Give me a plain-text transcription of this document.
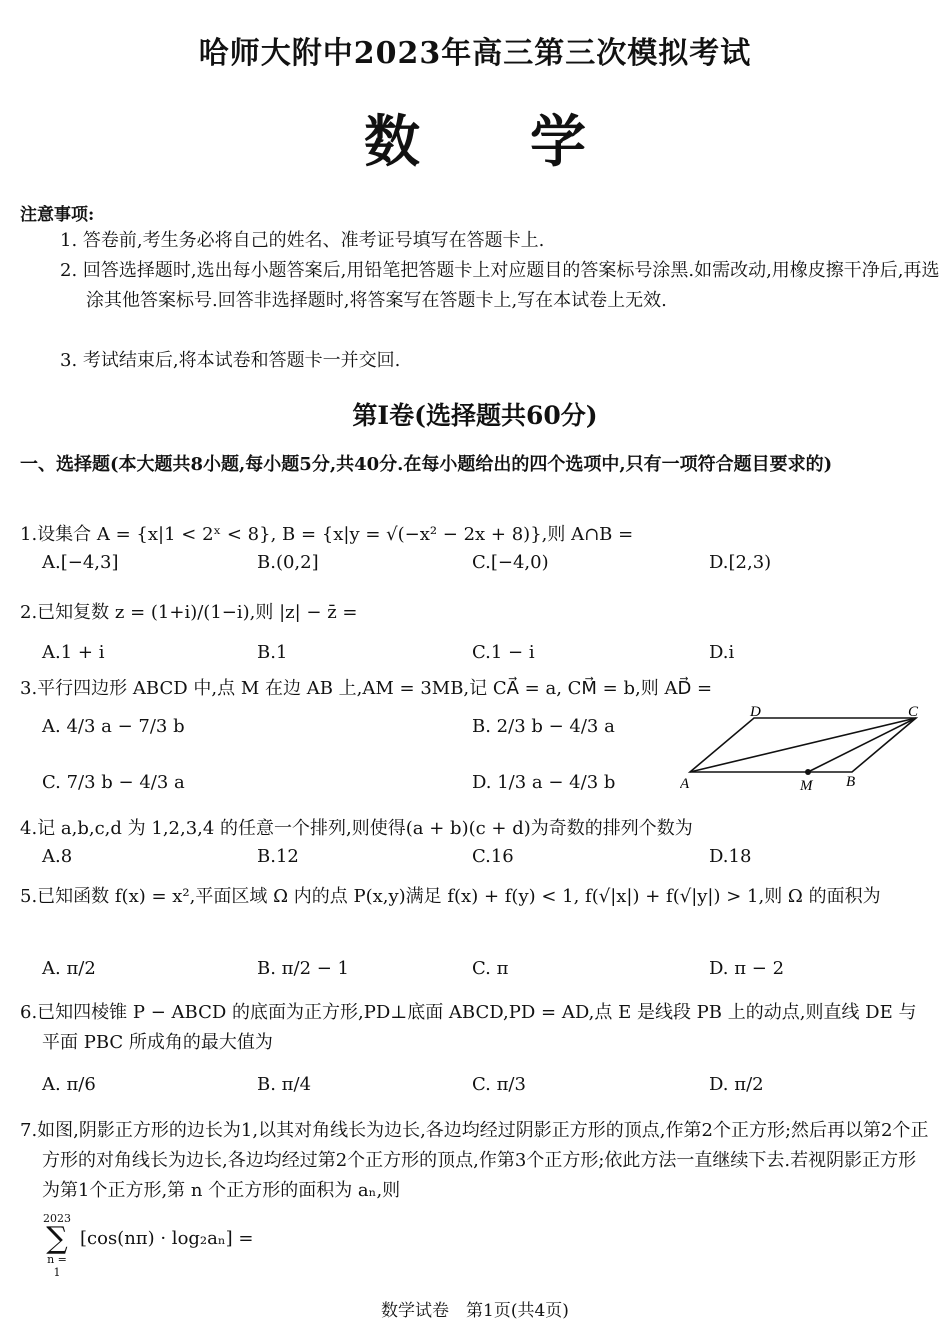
哈师大附中2023年高三第三次模拟考试
数学
注意事项:
1. 答卷前,考生务必将自己的姓名、准考证号填写在答题卡上.
2. 回答选择题时,选出每小题答案后,用铅笔把答题卡上对应题目的答案标号涂黑.如需改动,用橡皮擦干净后,再选涂其他答案标号.回答非选择题时,将答案写在答题卡上,写在本试卷上无效.
3. 考试结束后,将本试卷和答题卡一并交回.
第Ⅰ卷(选择题共60分)
一、选择题(本大题共8小题,每小题5分,共40分.在每小题给出的四个选项中,只有一项符合题目要求的)
1.设集合 A = {x|1 < 2ˣ < 8}, B = {x|y = √(−x² − 2x + 8)},则 A∩B =
A.[−4,3]	B.(0,2]	C.[−4,0)	D.[2,3)
2.已知复数 z = (1+i)/(1−i),则 |z| − z̄ =
A.1 + i	B.1	C.1 − i	D.i
3.平行四边形 ABCD 中,点 M 在边 AB 上,AM = 3MB,记 CA⃗ = a, CM⃗ = b,则 AD⃗ =
A. 4/3 a − 7/3 b	B. 2/3 b − 4/3 a
C. 7/3 b − 4/3 a	D. 1/3 a − 4/3 b
D	C
A	M B
4.记 a,b,c,d 为 1,2,3,4 的任意一个排列,则使得(a + b)(c + d)为奇数的排列个数为
A.8	B.12	C.16	D.18
5.已知函数 f(x) = x²,平面区域 Ω 内的点 P(x,y)满足 f(x) + f(y) < 1, f(√|x|) + f(√|y|) > 1,则 Ω 的面积为
A. π/2	B. π/2 − 1	C. π	D. π − 2
6.已知四棱锥 P − ABCD 的底面为正方形,PD⊥底面 ABCD,PD = AD,点 E 是线段 PB 上的动点,则直线 DE 与平面 PBC 所成角的最大值为
A. π/6	B. π/4	C. π/3	D. π/2
7.如图,阴影正方形的边长为1,以其对角线长为边长,各边均经过阴影正方形的顶点,作第2个正方形;然后再以第2个正方形的对角线长为边长,各边均经过第2个正方形的顶点,作第3个正方形;依此方法一直继续下去.若视阴影正方形为第1个正方形,第 n 个正方形的面积为 aₙ,则
2023
∑
n = 1
[cos(nπ) · log₂aₙ] =
数学试卷　第1页(共4页)
